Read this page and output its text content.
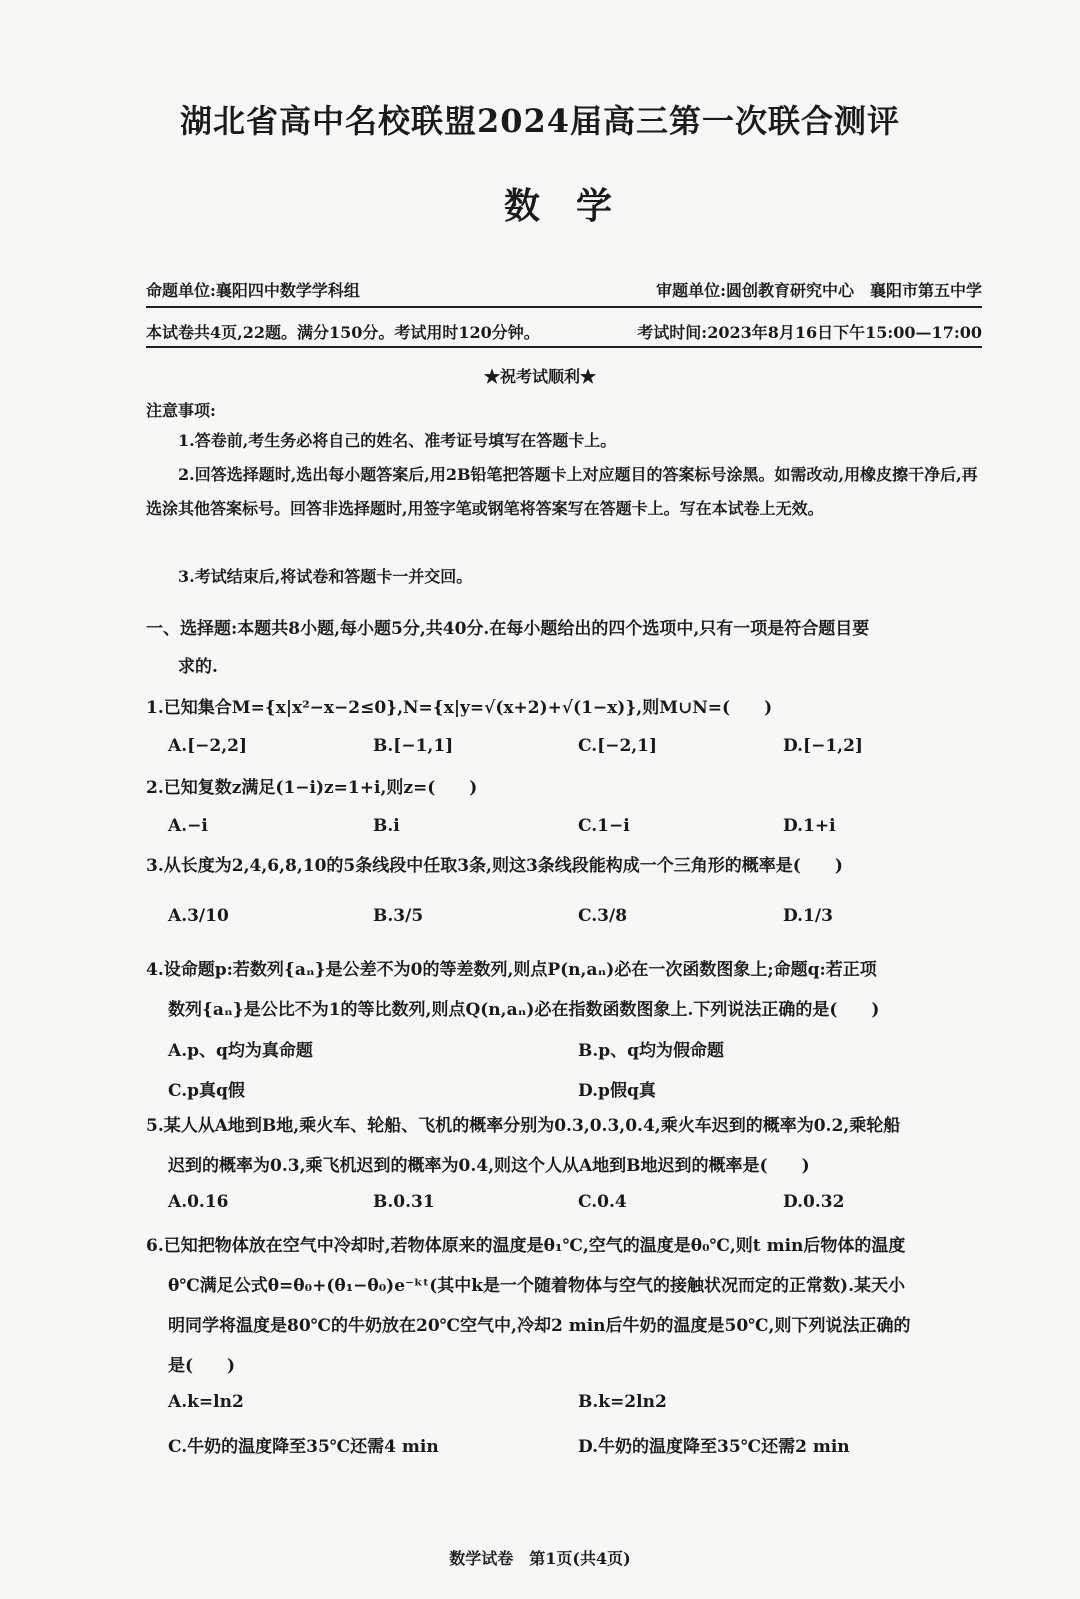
湖北省高中名校联盟2024届高三第一次联合测评
数学
命题单位:襄阳四中数学学科组	审题单位:圆创教育研究中心　襄阳市第五中学
本试卷共4页,22题。满分150分。考试用时120分钟。	考试时间:2023年8月16日下午15:00—17:00
★祝考试顺利★
注意事项:
1.答卷前,考生务必将自己的姓名、准考证号填写在答题卡上。
2.回答选择题时,选出每小题答案后,用2B铅笔把答题卡上对应题目的答案标号涂黑。如需改动,用橡皮擦干净后,再选涂其他答案标号。回答非选择题时,用签字笔或钢笔将答案写在答题卡上。写在本试卷上无效。
3.考试结束后,将试卷和答题卡一并交回。
一、选择题:本题共8小题,每小题5分,共40分.在每小题给出的四个选项中,只有一项是符合题目要
求的.
1.已知集合M={x|x²−x−2≤0},N={x|y=√(x+2)+√(1−x)},则M∪N=(　　)
A.[−2,2]	B.[−1,1]	C.[−2,1]	D.[−1,2]
2.已知复数z满足(1−i)z=1+i,则z=(　　)
A.−i	B.i	C.1−i	D.1+i
3.从长度为2,4,6,8,10的5条线段中任取3条,则这3条线段能构成一个三角形的概率是(　　)
A.3/10	B.3/5	C.3/8	D.1/3
4.设命题p:若数列{aₙ}是公差不为0的等差数列,则点P(n,aₙ)必在一次函数图象上;命题q:若正项
数列{aₙ}是公比不为1的等比数列,则点Q(n,aₙ)必在指数函数图象上.下列说法正确的是(　　)
A.p、q均为真命题	B.p、q均为假命题
C.p真q假	D.p假q真
5.某人从A地到B地,乘火车、轮船、飞机的概率分别为0.3,0.3,0.4,乘火车迟到的概率为0.2,乘轮船
迟到的概率为0.3,乘飞机迟到的概率为0.4,则这个人从A地到B地迟到的概率是(　　)
A.0.16	B.0.31	C.0.4	D.0.32
6.已知把物体放在空气中冷却时,若物体原来的温度是θ₁℃,空气的温度是θ₀℃,则t min后物体的温度
θ℃满足公式θ=θ₀+(θ₁−θ₀)e⁻ᵏᵗ(其中k是一个随着物体与空气的接触状况而定的正常数).某天小
明同学将温度是80℃的牛奶放在20℃空气中,冷却2 min后牛奶的温度是50℃,则下列说法正确的
是(　　)
A.k=ln2	B.k=2ln2
C.牛奶的温度降至35℃还需4 min	D.牛奶的温度降至35℃还需2 min
数学试卷　第1页(共4页)
